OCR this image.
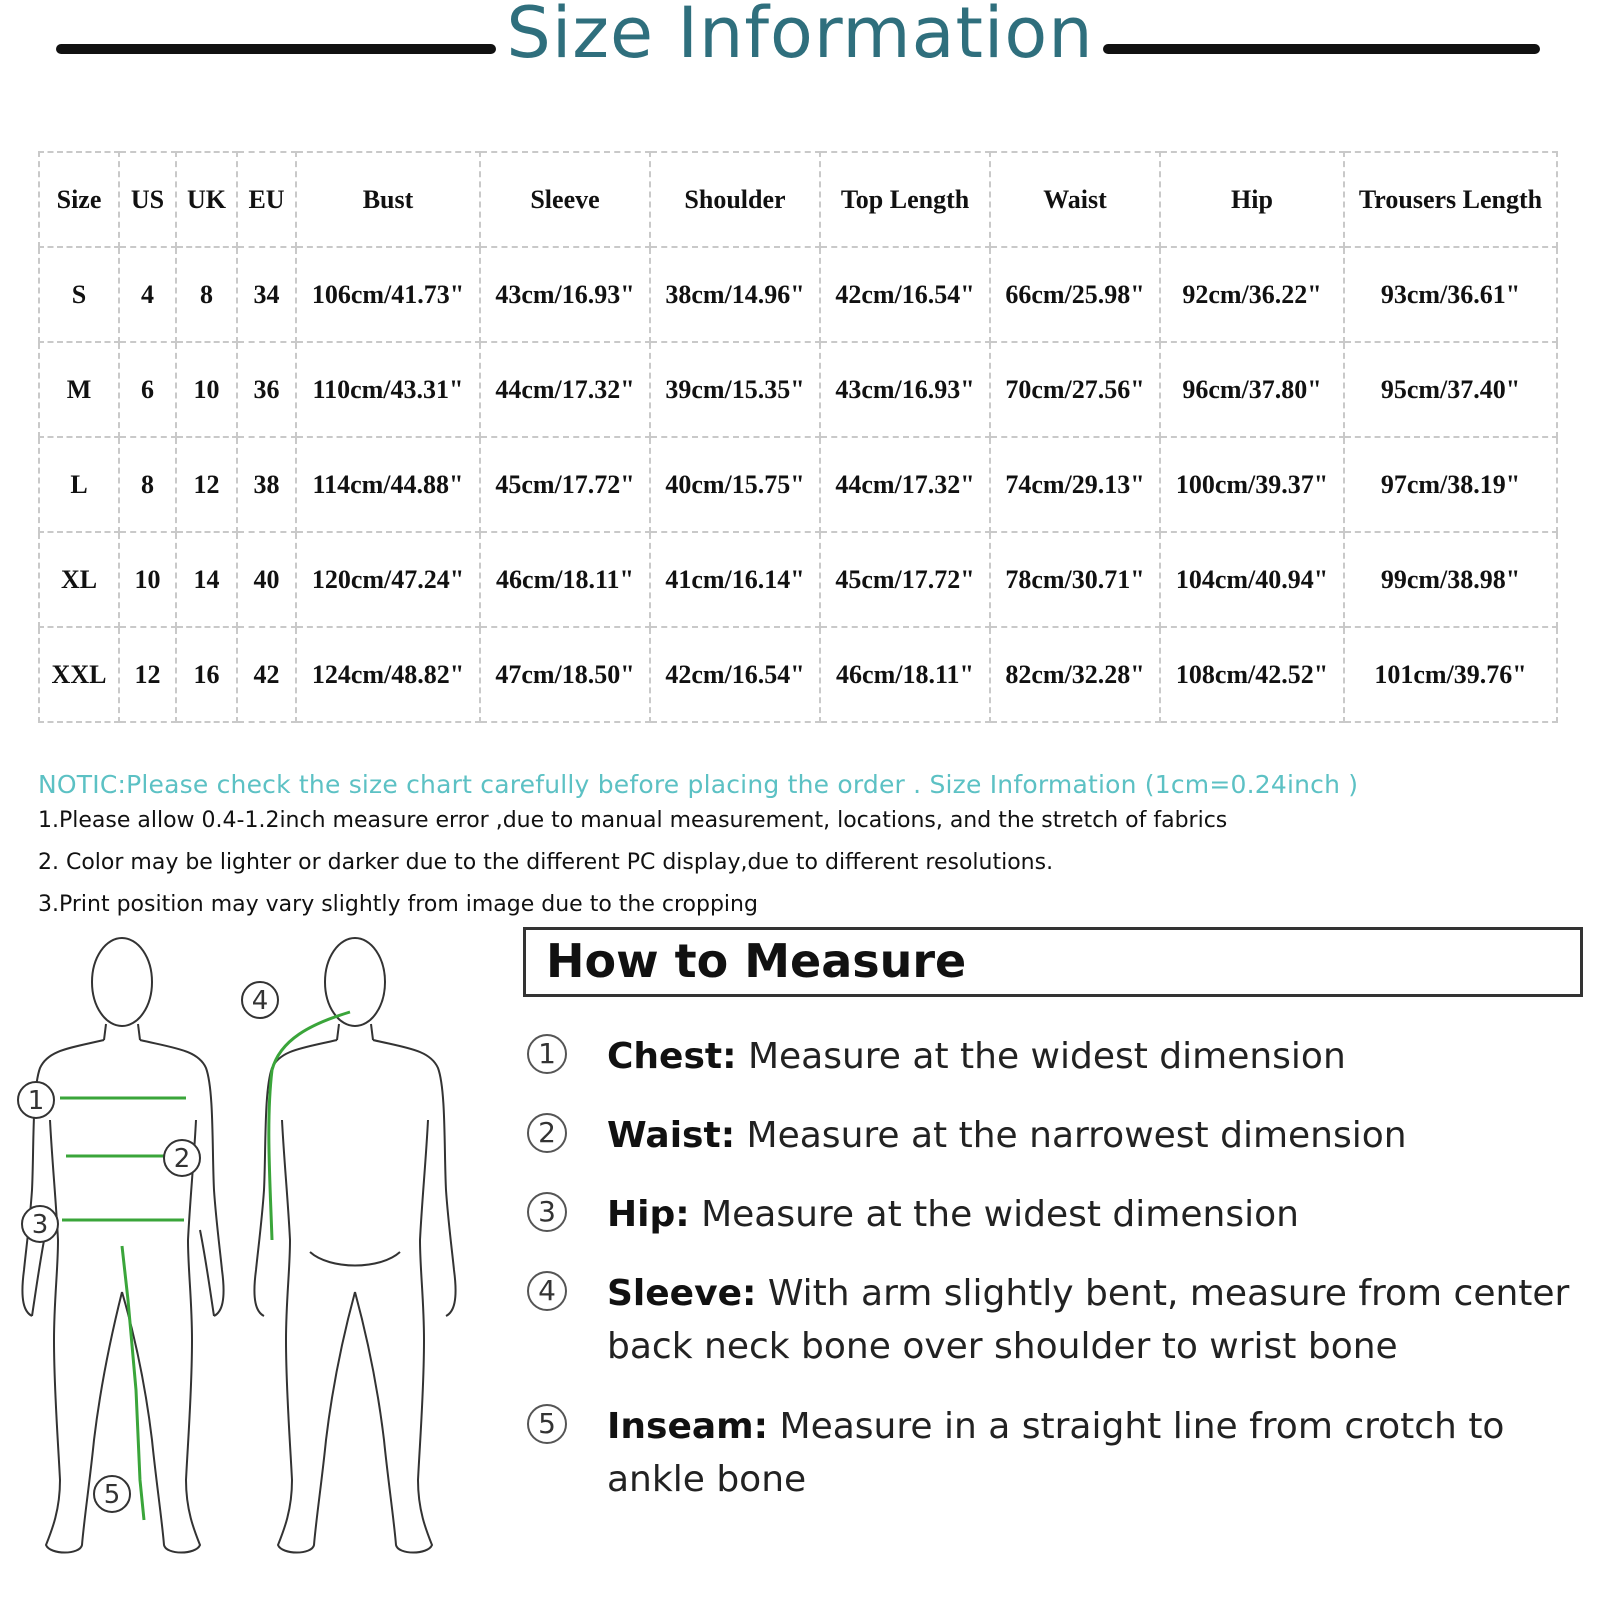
Size Information
Size	US	UK	EU	Bust	Sleeve	Shoulder	Top Length	Waist	Hip	Trousers Length
S	4	8	34	106cm/41.73"	43cm/16.93"	38cm/14.96"	42cm/16.54"	66cm/25.98"	92cm/36.22"	93cm/36.61"
M	6	10	36	110cm/43.31"	44cm/17.32"	39cm/15.35"	43cm/16.93"	70cm/27.56"	96cm/37.80"	95cm/37.40"
L	8	12	38	114cm/44.88"	45cm/17.72"	40cm/15.75"	44cm/17.32"	74cm/29.13"	100cm/39.37"	97cm/38.19"
XL	10	14	40	120cm/47.24"	46cm/18.11"	41cm/16.14"	45cm/17.72"	78cm/30.71"	104cm/40.94"	99cm/38.98"
XXL	12	16	42	124cm/48.82"	47cm/18.50"	42cm/16.54"	46cm/18.11"	82cm/32.28"	108cm/42.52"	101cm/39.76"
NOTIC:Please check the size chart carefully before placing the order . Size Information (1cm=0.24inch )
1.Please allow 0.4-1.2inch measure error ,due to manual measurement, locations, and the stretch of fabrics
2. Color may be lighter or darker due to the different PC display,due to different resolutions.
3.Print position may vary slightly from image due to the cropping
1
2
3
5
4
How to Measure
1	Chest: Measure at the widest dimension
2	Waist: Measure at the narrowest dimension
3	Hip: Measure at the widest dimension
4	Sleeve: With arm slightly bent, measure from center back neck bone over shoulder to wrist bone
5	Inseam: Measure in a straight line from crotch to ankle bone
